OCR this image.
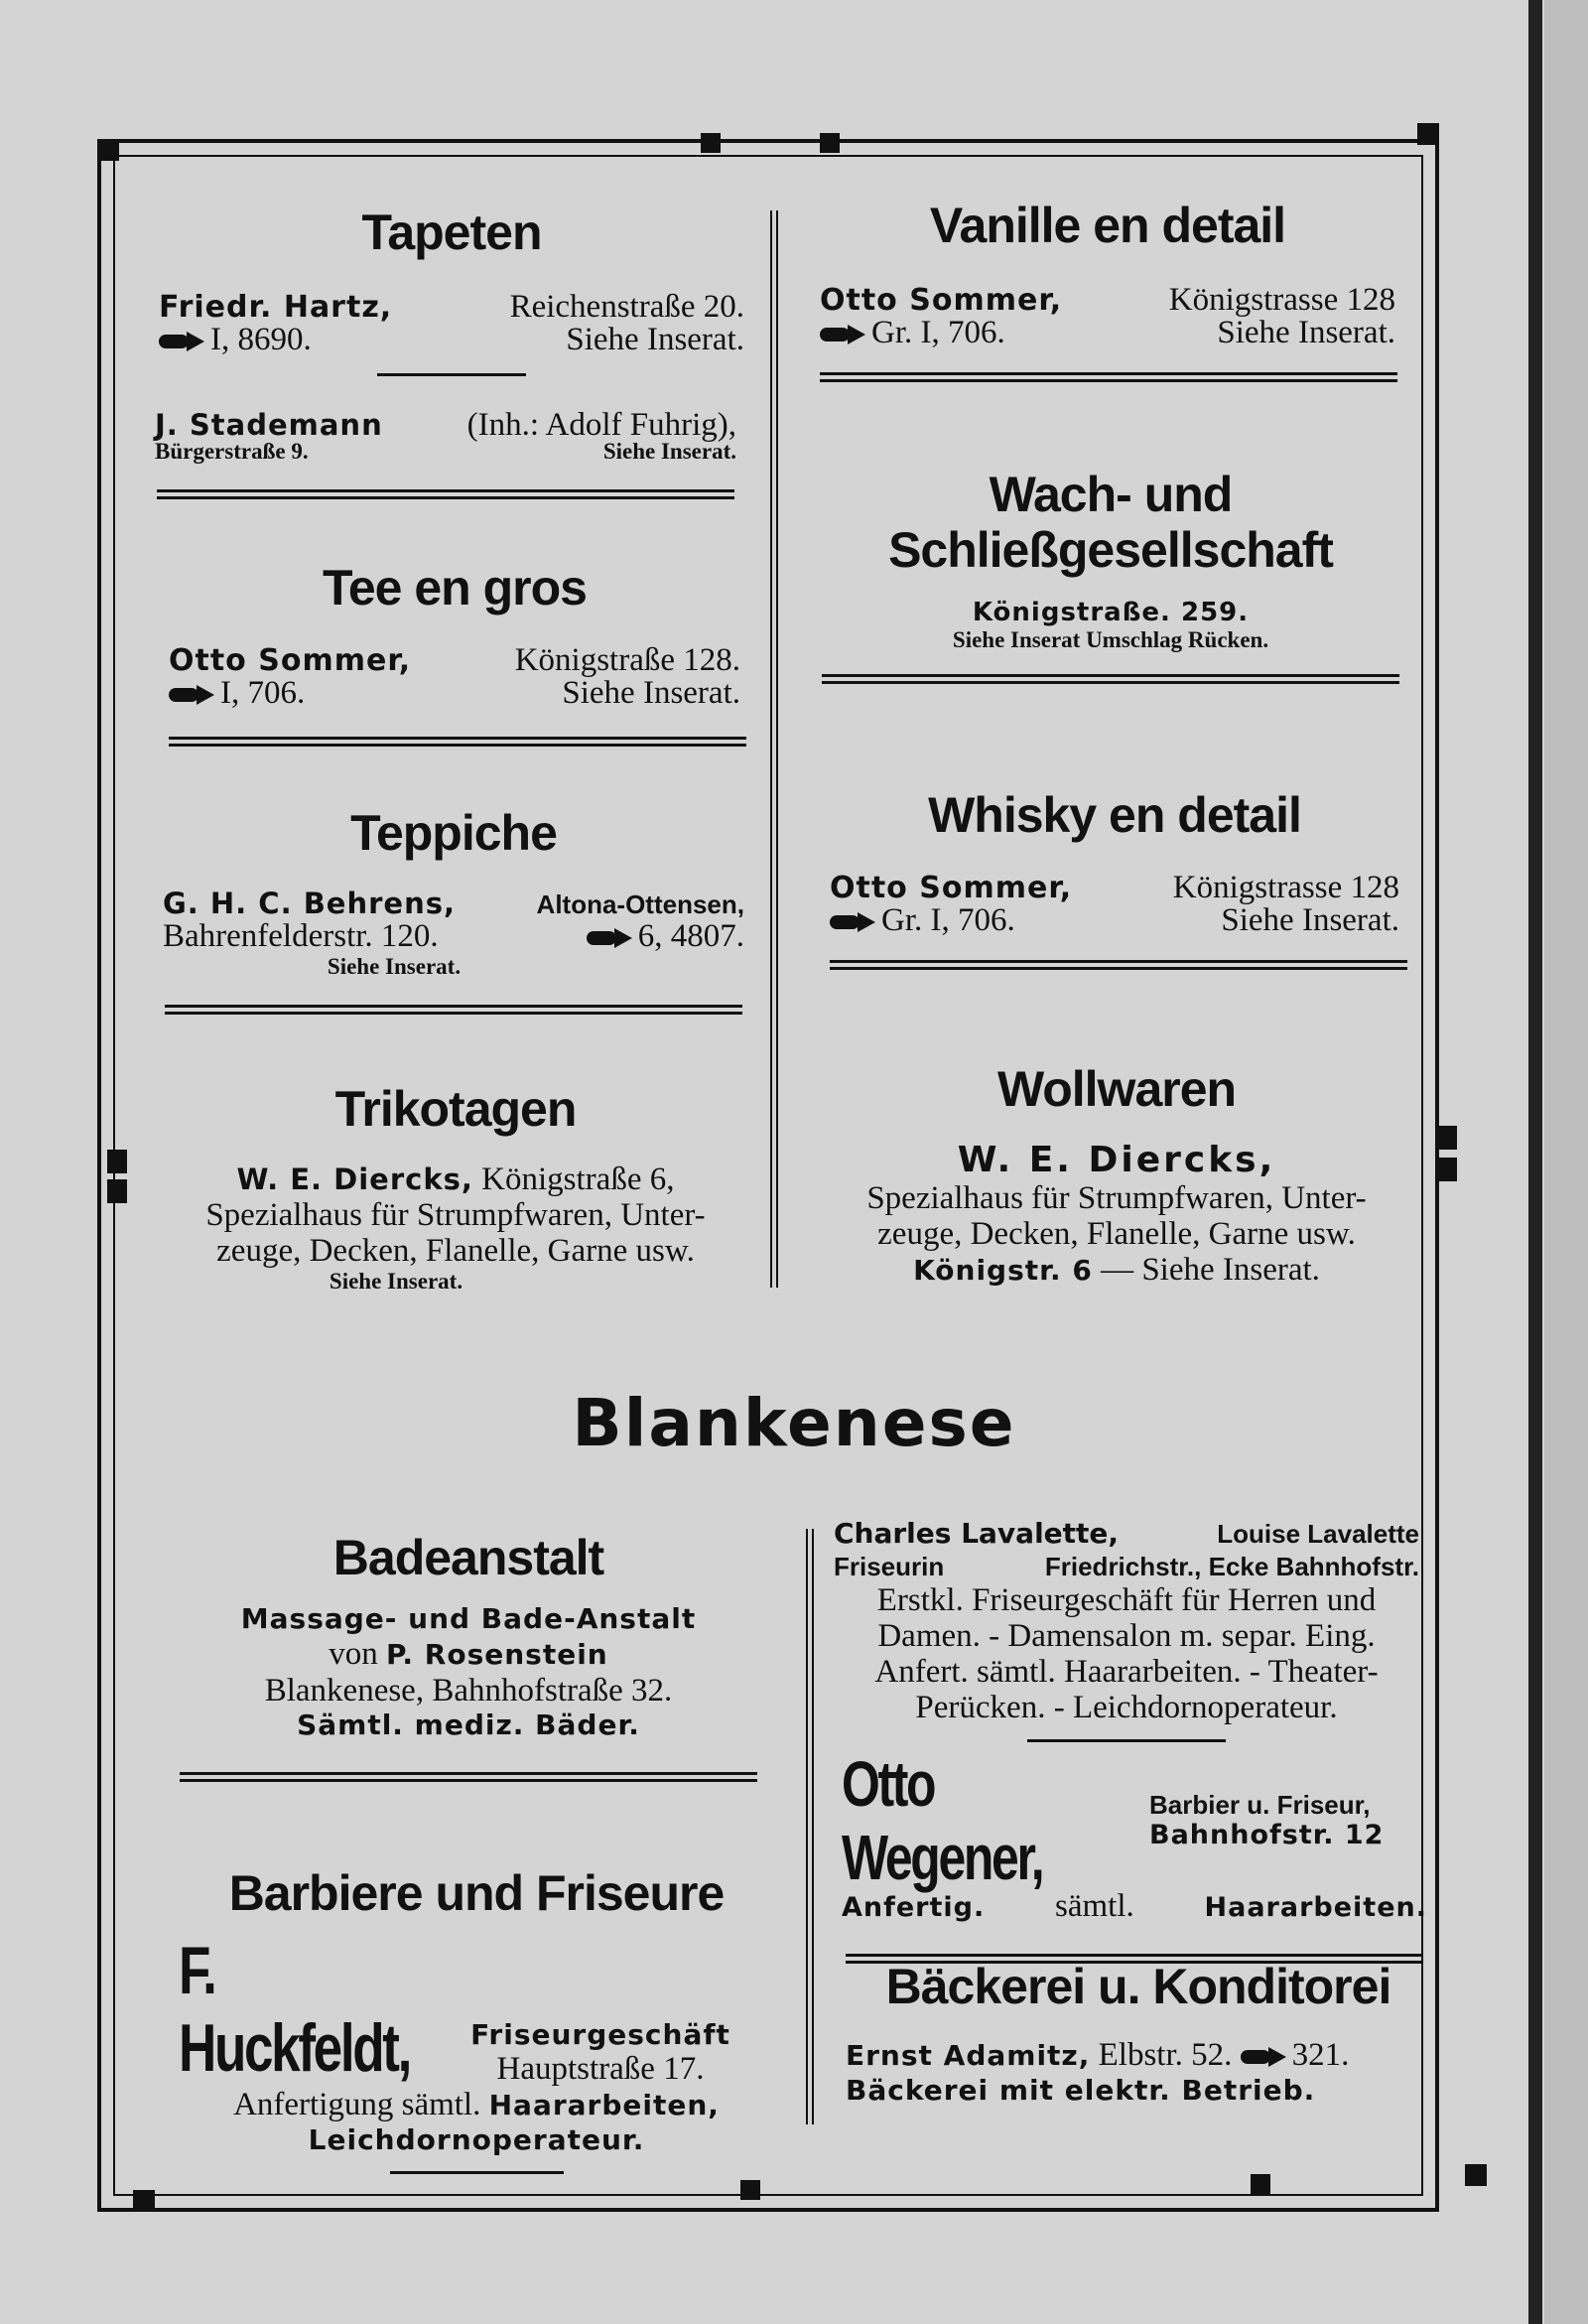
Tapeten
Friedr. Hartz,	Reichenstraße 20.
I, 8690.	Siehe Inserat.
J. Stademann	(Inh.: Adolf Fuhrig),
Bürgerstraße 9.	Siehe Inserat.
Tee en gros
Otto Sommer,	Königstraße 128.
I, 706.	Siehe Inserat.
Teppiche
G. H. C. Behrens,	Altona-Ottensen,
Bahrenfelderstr. 120.	6, 4807.
Siehe Inserat.
Trikotagen
W. E. Diercks, Königstraße 6,
Spezialhaus für Strumpfwaren, Unter-
zeuge, Decken, Flanelle, Garne usw.
Siehe Inserat.
Vanille en detail
Otto Sommer,	Königstrasse 128
Gr. I, 706.	Siehe Inserat.
Wach- und
Schließgesellschaft
Königstraße. 259.
Siehe Inserat Umschlag Rücken.
Whisky en detail
Otto Sommer,	Königstrasse 128
Gr. I, 706.	Siehe Inserat.
Wollwaren
W. E. Diercks,
Spezialhaus für Strumpfwaren, Unter-
zeuge, Decken, Flanelle, Garne usw.
Königstr. 6 — Siehe Inserat.
Blankenese
Badeanstalt
Massage- und Bade-Anstalt
von P. Rosenstein
Blankenese, Bahnhofstraße 32.
Sämtl. mediz. Bäder.
Barbiere und Friseure
F. Huckfeldt,	Friseurgeschäft
Hauptstraße 17.
Anfertigung sämtl. Haararbeiten,
Leichdornoperateur.
Charles Lavalette,	Louise Lavalette
Friseurin	Friedrichstr., Ecke Bahnhofstr.
Erstkl. Friseurgeschäft für Herren und
Damen. - Damensalon m. separ. Eing.
Anfert. sämtl. Haararbeiten. - Theater-
Perücken. - Leichdornoperateur.
Otto Wegener,
Barbier u. Friseur,
Bahnhofstr. 12
Anfertig. sämtl.	Haararbeiten.
Bäckerei u. Konditorei
Ernst Adamitz, Elbstr. 52. 321.
Bäckerei mit elektr. Betrieb.
